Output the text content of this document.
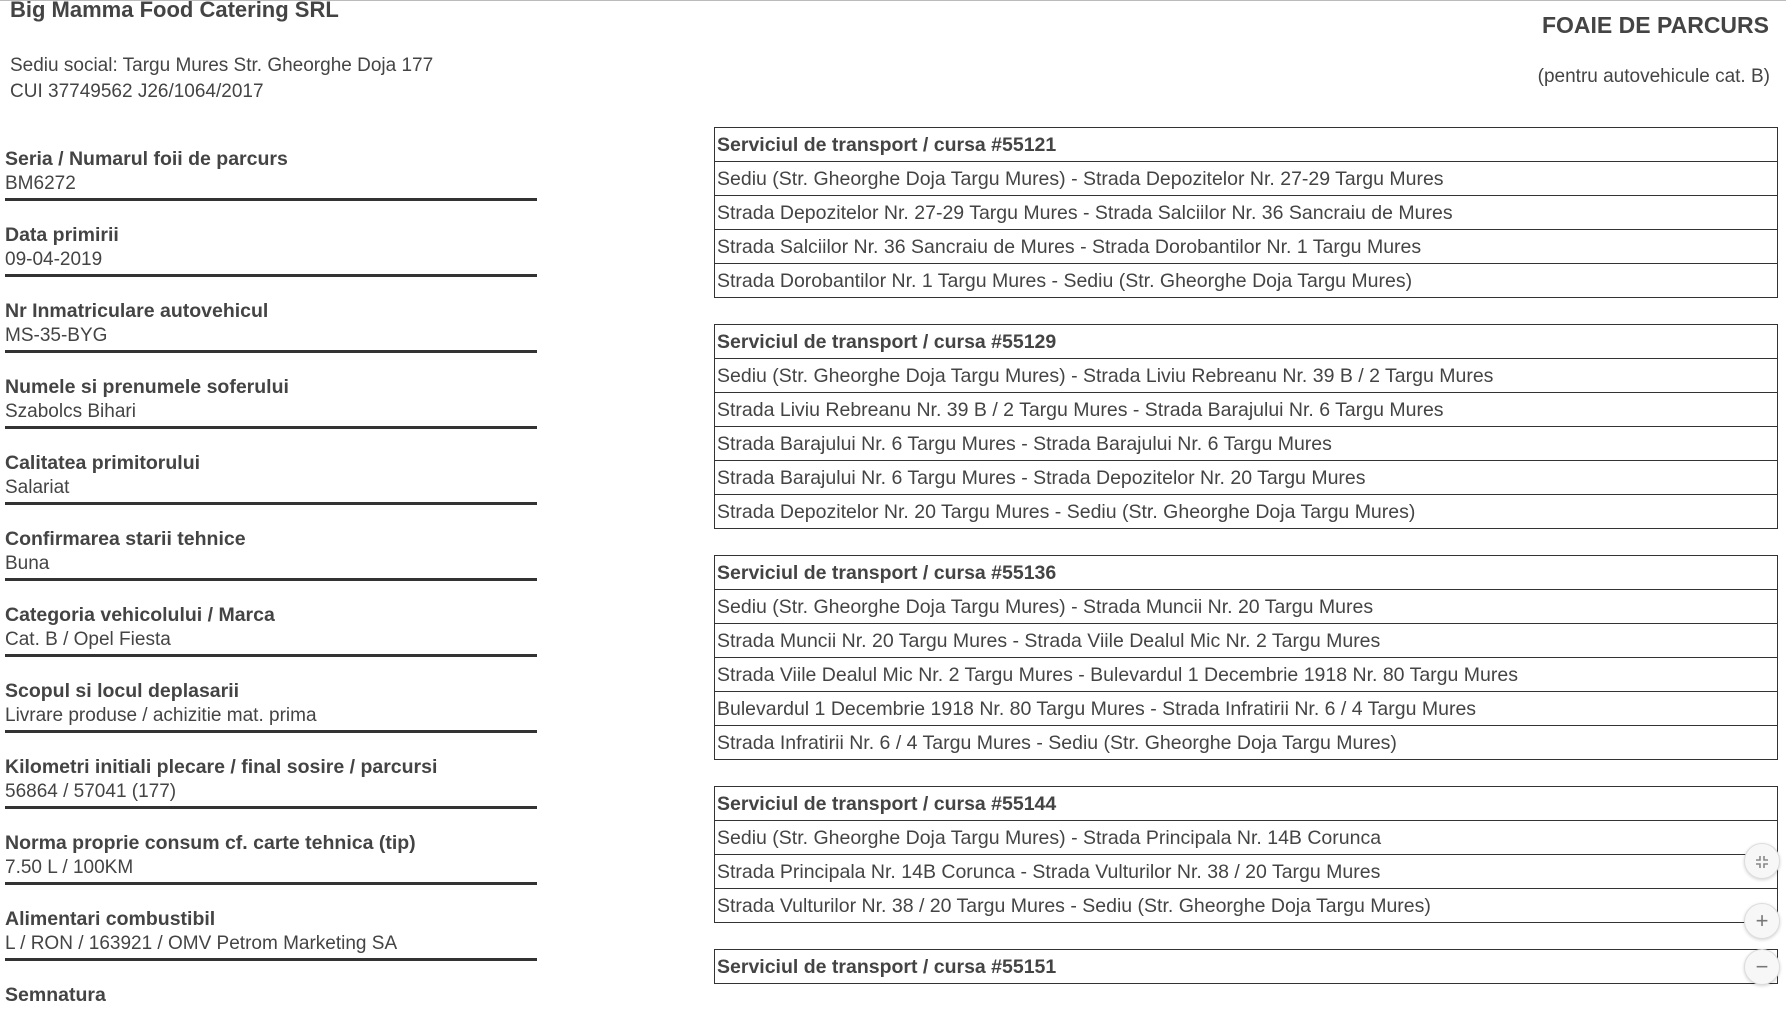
Big Mamma Food Catering SRL
Sediu social: Targu Mures Str. Gheorghe Doja 177
CUI 37749562 J26/1064/2017
FOAIE DE PARCURS
(pentru autovehicule cat. B)
Seria / Numarul foii de parcurs
BM6272
Data primirii
09-04-2019
Nr Inmatriculare autovehicul
MS-35-BYG
Numele si prenumele soferului
Szabolcs Bihari
Calitatea primitorului
Salariat
Confirmarea starii tehnice
Buna
Categoria vehicolului / Marca
Cat. B / Opel Fiesta
Scopul si locul deplasarii
Livrare produse / achizitie mat. prima
Kilometri initiali plecare / final sosire / parcursi
56864 / 57041 (177)
Norma proprie consum cf. carte tehnica (tip)
7.50 L / 100KM
Alimentari combustibil
L / RON / 163921 / OMV Petrom Marketing SA
Semnatura
Serviciul de transport / cursa #55121
Sediu (Str. Gheorghe Doja Targu Mures) - Strada Depozitelor Nr. 27-29 Targu Mures
Strada Depozitelor Nr. 27-29 Targu Mures - Strada Salciilor Nr. 36 Sancraiu de Mures
Strada Salciilor Nr. 36 Sancraiu de Mures - Strada Dorobantilor Nr. 1 Targu Mures
Strada Dorobantilor Nr. 1 Targu Mures - Sediu (Str. Gheorghe Doja Targu Mures)
Serviciul de transport / cursa #55129
Sediu (Str. Gheorghe Doja Targu Mures) - Strada Liviu Rebreanu Nr. 39 B / 2 Targu Mures
Strada Liviu Rebreanu Nr. 39 B / 2 Targu Mures - Strada Barajului Nr. 6 Targu Mures
Strada Barajului Nr. 6 Targu Mures - Strada Barajului Nr. 6 Targu Mures
Strada Barajului Nr. 6 Targu Mures - Strada Depozitelor Nr. 20 Targu Mures
Strada Depozitelor Nr. 20 Targu Mures - Sediu (Str. Gheorghe Doja Targu Mures)
Serviciul de transport / cursa #55136
Sediu (Str. Gheorghe Doja Targu Mures) - Strada Muncii Nr. 20 Targu Mures
Strada Muncii Nr. 20 Targu Mures - Strada Viile Dealul Mic Nr. 2 Targu Mures
Strada Viile Dealul Mic Nr. 2 Targu Mures - Bulevardul 1 Decembrie 1918 Nr. 80 Targu Mures
Bulevardul 1 Decembrie 1918 Nr. 80 Targu Mures - Strada Infratirii Nr. 6 / 4 Targu Mures
Strada Infratirii Nr. 6 / 4 Targu Mures - Sediu (Str. Gheorghe Doja Targu Mures)
Serviciul de transport / cursa #55144
Sediu (Str. Gheorghe Doja Targu Mures) - Strada Principala Nr. 14B Corunca
Strada Principala Nr. 14B Corunca - Strada Vulturilor Nr. 38 / 20 Targu Mures
Strada Vulturilor Nr. 38 / 20 Targu Mures - Sediu (Str. Gheorghe Doja Targu Mures)
Serviciul de transport / cursa #55151
+
−
